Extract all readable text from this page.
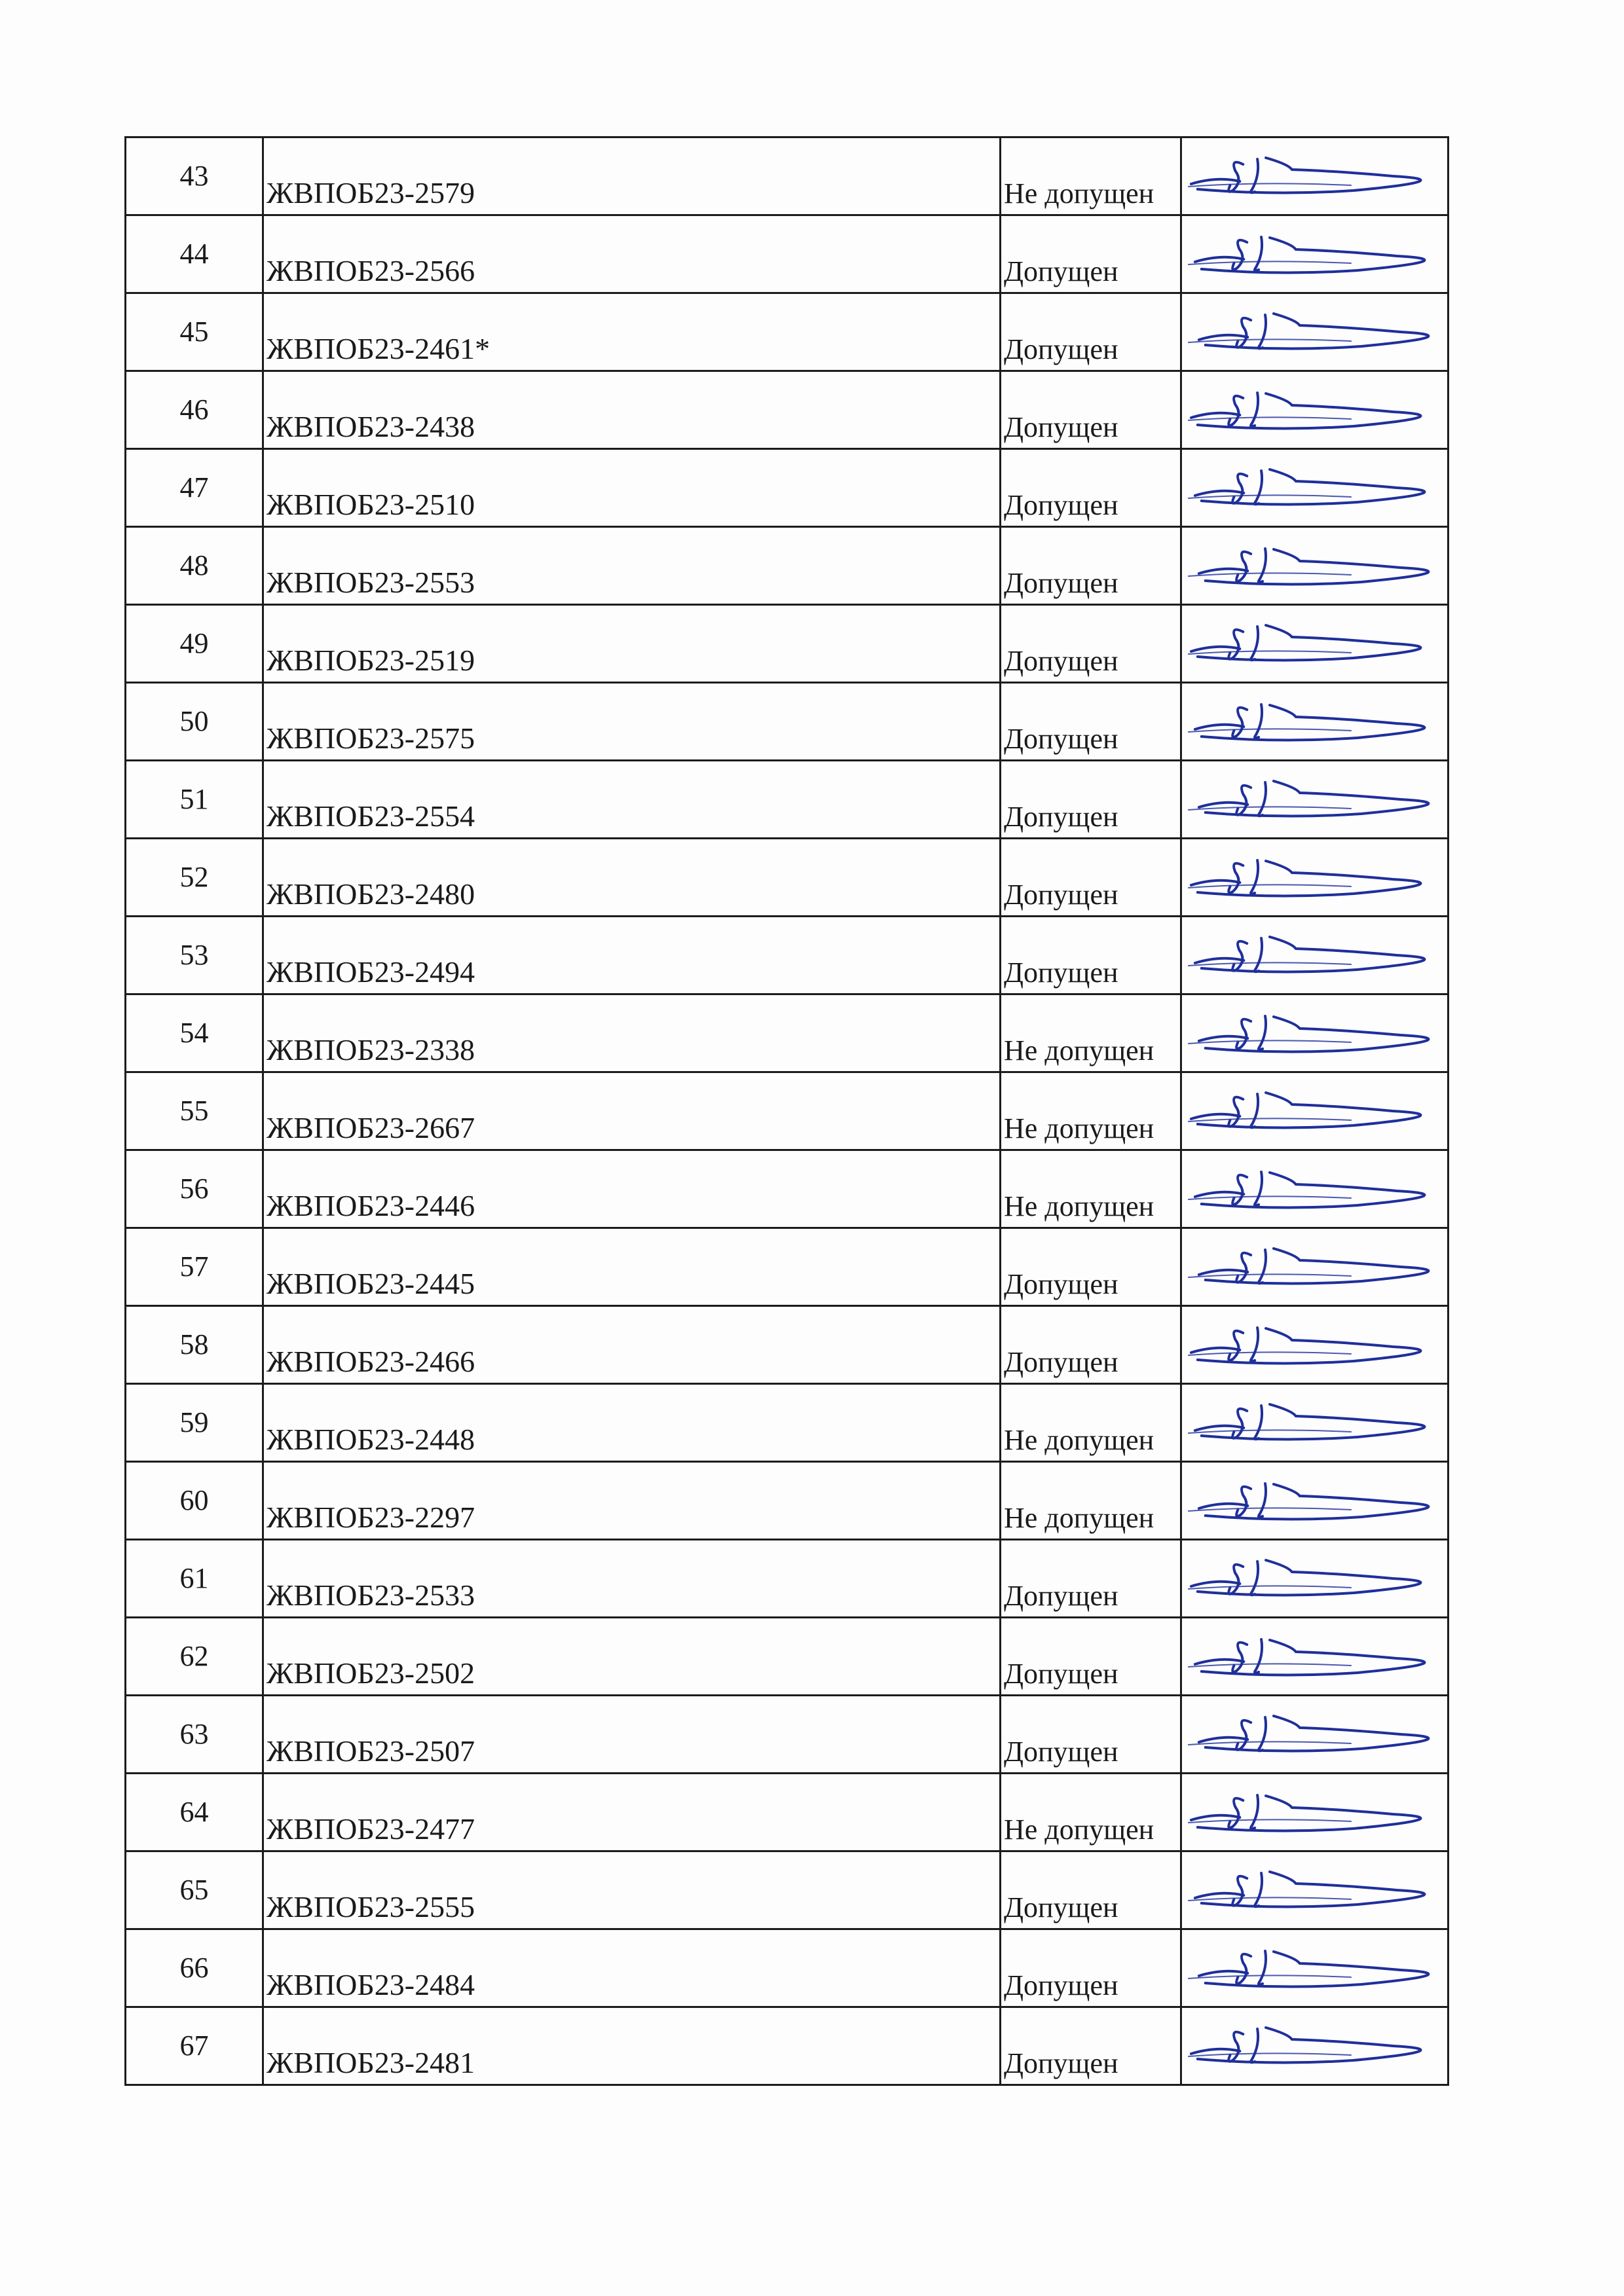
43	ЖВПОБ23-2579	Не допущен

44	ЖВПОБ23-2566	Допущен

45	ЖВПОБ23-2461*	Допущен

46	ЖВПОБ23-2438	Допущен

47	ЖВПОБ23-2510	Допущен

48	ЖВПОБ23-2553	Допущен

49	ЖВПОБ23-2519	Допущен

50	ЖВПОБ23-2575	Допущен

51	ЖВПОБ23-2554	Допущен

52	ЖВПОБ23-2480	Допущен

53	ЖВПОБ23-2494	Допущен

54	ЖВПОБ23-2338	Не допущен

55	ЖВПОБ23-2667	Не допущен

56	ЖВПОБ23-2446	Не допущен

57	ЖВПОБ23-2445	Допущен

58	ЖВПОБ23-2466	Допущен

59	ЖВПОБ23-2448	Не допущен

60	ЖВПОБ23-2297	Не допущен

61	ЖВПОБ23-2533	Допущен

62	ЖВПОБ23-2502	Допущен

63	ЖВПОБ23-2507	Допущен

64	ЖВПОБ23-2477	Не допущен

65	ЖВПОБ23-2555	Допущен

66	ЖВПОБ23-2484	Допущен

67	ЖВПОБ23-2481	Допущен
